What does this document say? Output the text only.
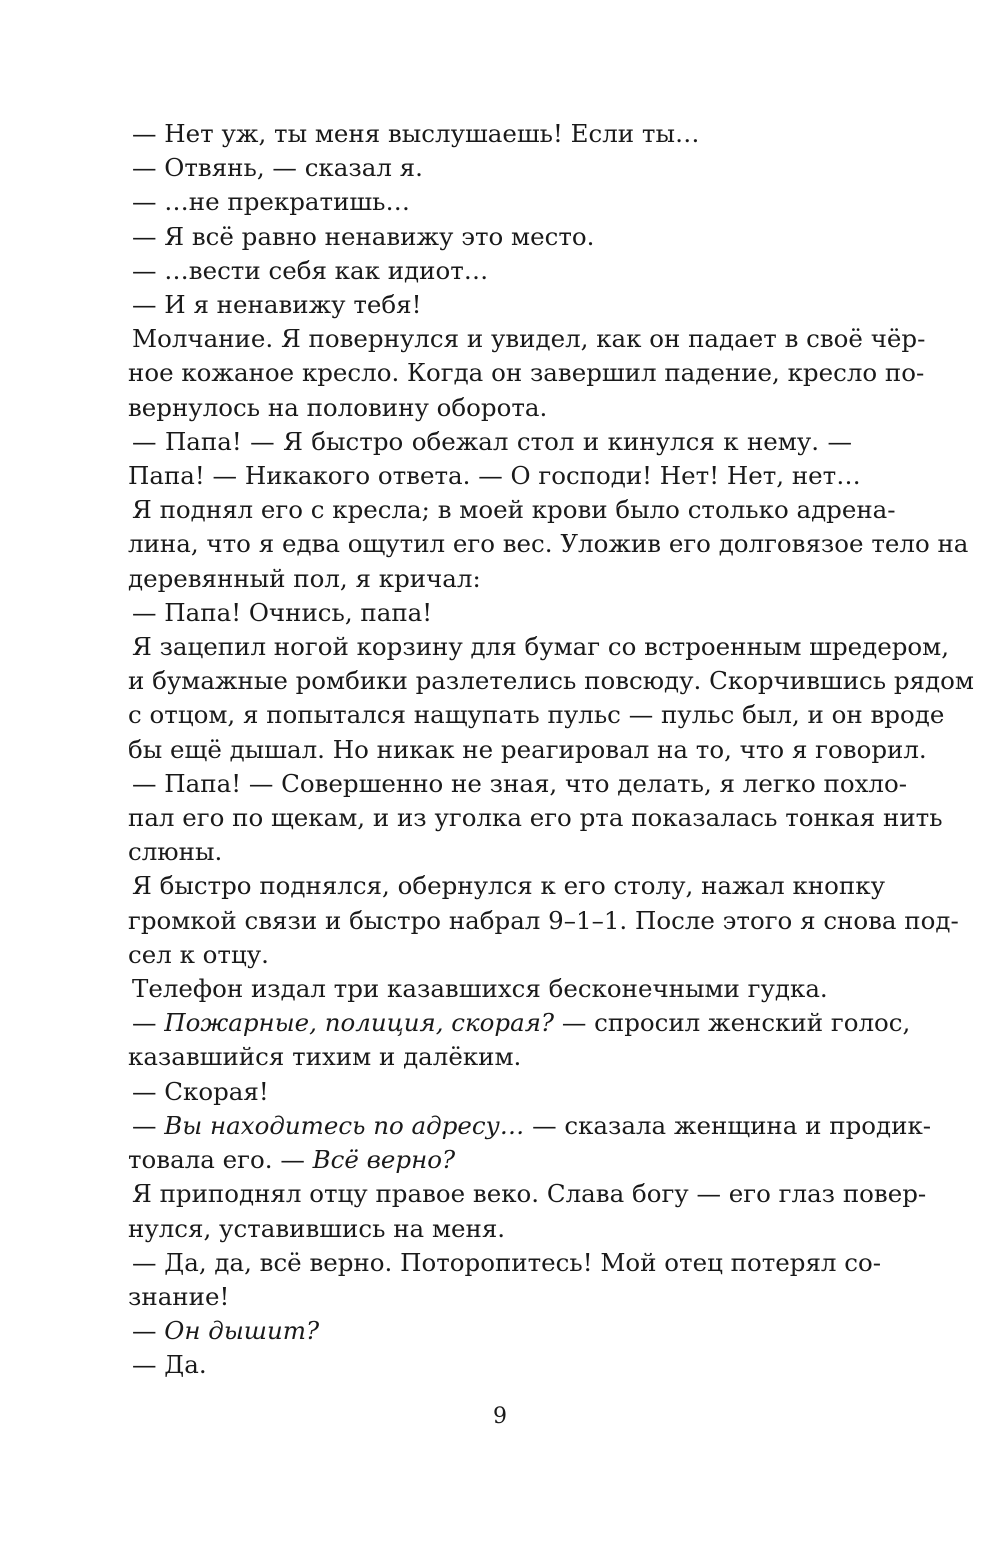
— Нет уж, ты меня выслушаешь! Если ты…
— Отвянь, — сказал я.
— …не прекратишь…
— Я всё равно ненавижу это место.
— …вести себя как идиот…
— И я ненавижу тебя!
Молчание. Я повернулся и увидел, как он падает в своё чёр-
ное кожаное кресло. Когда он завершил падение, кресло по-
вернулось на половину оборота.
— Папа! — Я быстро обежал стол и кинулся к нему. —
Папа! — Никакого ответа. — О господи! Нет! Нет, нет…
Я поднял его с кресла; в моей крови было столько адрена-
лина, что я едва ощутил его вес. Уложив его долговязое тело на
деревянный пол, я кричал:
— Папа! Очнись, папа!
Я зацепил ногой корзину для бумаг со встроенным шредером,
и бумажные ромбики разлетелись повсюду. Скорчившись рядом
с отцом, я попытался нащупать пульс — пульс был, и он вроде
бы ещё дышал. Но никак не реагировал на то, что я говорил.
— Папа! — Совершенно не зная, что делать, я легко похло-
пал его по щекам, и из уголка его рта показалась тонкая нить
слюны.
Я быстро поднялся, обернулся к его столу, нажал кнопку
громкой связи и быстро набрал 9–1–1. После этого я снова под-
сел к отцу.
Телефон издал три казавшихся бесконечными гудка.
— Пожарные, полиция, скорая? — спросил женский голос,
казавшийся тихим и далёким.
— Скорая!
— Вы находитесь по адресу… — сказала женщина и продик-
товала его. — Всё верно?
Я приподнял отцу правое веко. Слава богу — его глаз повер-
нулся, уставившись на меня.
— Да, да, всё верно. Поторопитесь! Мой отец потерял со-
знание!
— Он дышит?
— Да.
9
